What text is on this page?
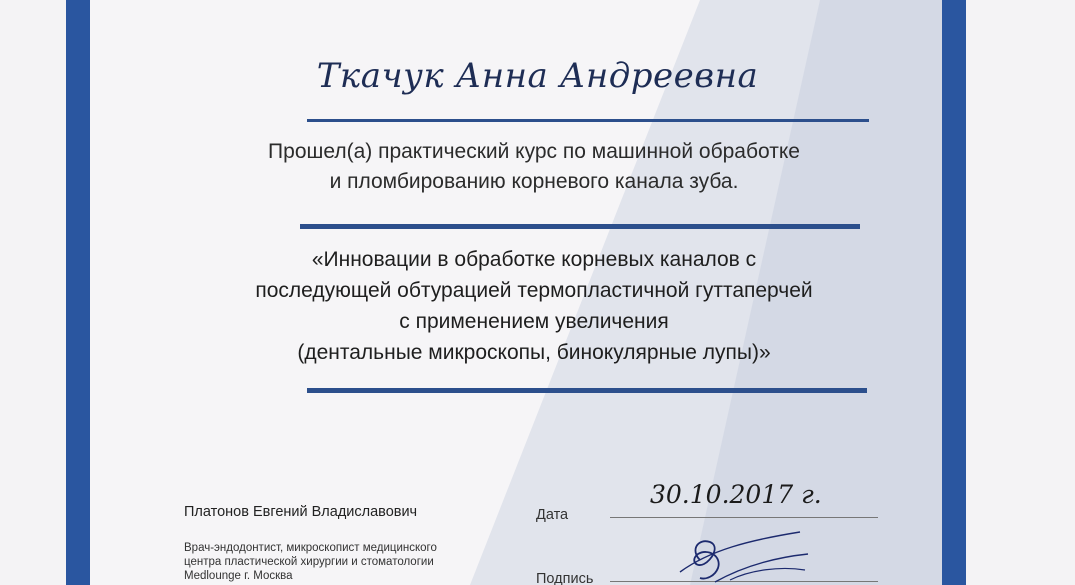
Ткачук Анна Андреевна
Прошел(а) практический курс по машинной обработке
и пломбированию корневого канала зуба.
«Инновации в обработке корневых каналов с
последующей обтурацией термопластичной гуттаперчей
с применением увеличения
(дентальные микроскопы, бинокулярные лупы)»
Платонов Евгений Владиславович
Врач-эндодонтист, микроскопист медицинского
центра пластической хирургии и стоматологии
Medlounge г. Москва
Дата
30.10.2017 г.
Подпись
